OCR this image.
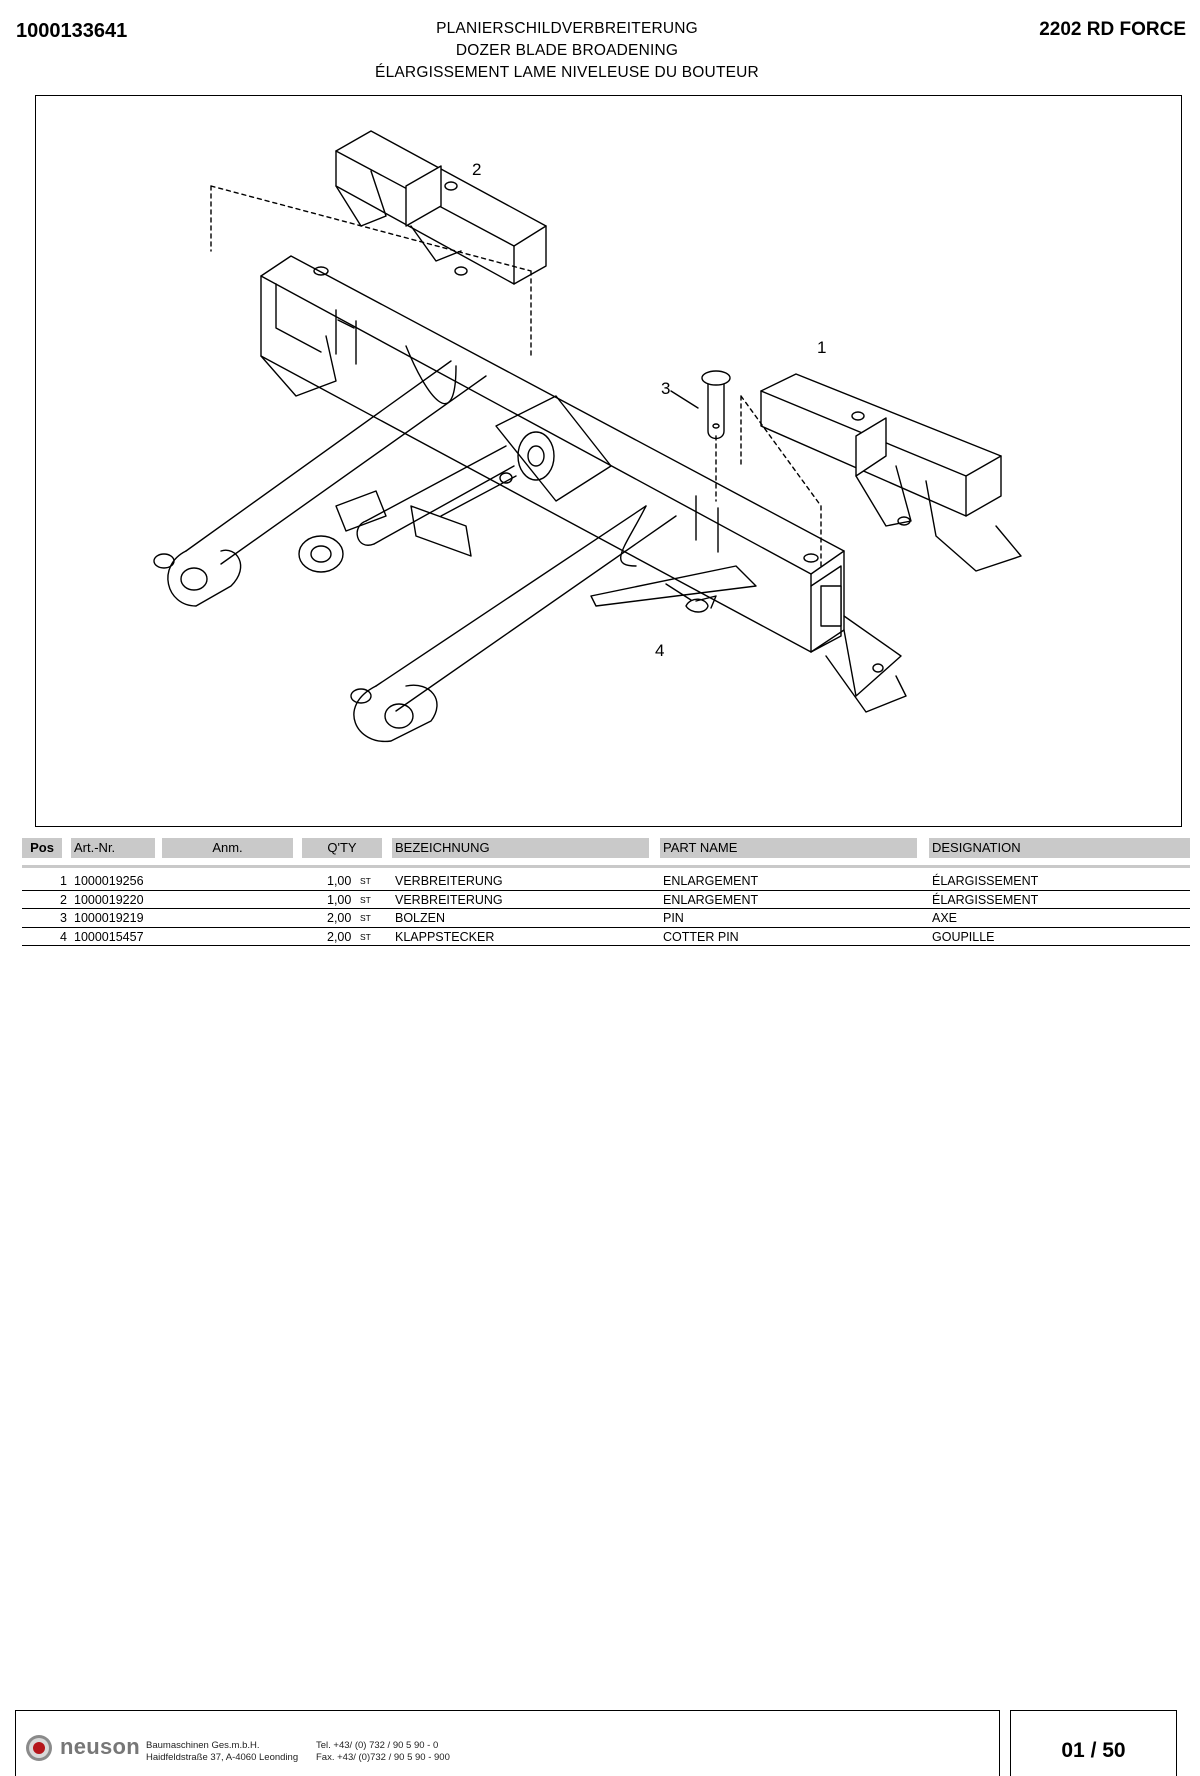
1000133641	PLANIERSCHILDVERBREITERUNG
DOZER BLADE BROADENING
ÉLARGISSEMENT LAME NIVELEUSE DU BOUTEUR
2202 RD FORCE
1
2
3
4
Pos	Art.-Nr.	Anm.	Q'TY	BEZEICHNUNG	PART NAME	DESIGNATION
1 1000019256	1,00 ST VERBREITERUNG	ENLARGEMENT	ÉLARGISSEMENT
2 1000019220	1,00 ST VERBREITERUNG	ENLARGEMENT	ÉLARGISSEMENT
3 1000019219	2,00 ST BOLZEN	PIN	AXE
4 1000015457	2,00 ST KLAPPSTECKER	COTTER PIN	GOUPILLE
neuson Baumaschinen Ges.m.b.H.
Haidfeldstraße 37, A-4060 Leonding
Tel. +43/ (0) 732 / 90 5 90 - 0
Fax. +43/ (0)732 / 90 5 90 - 900	01 / 50
